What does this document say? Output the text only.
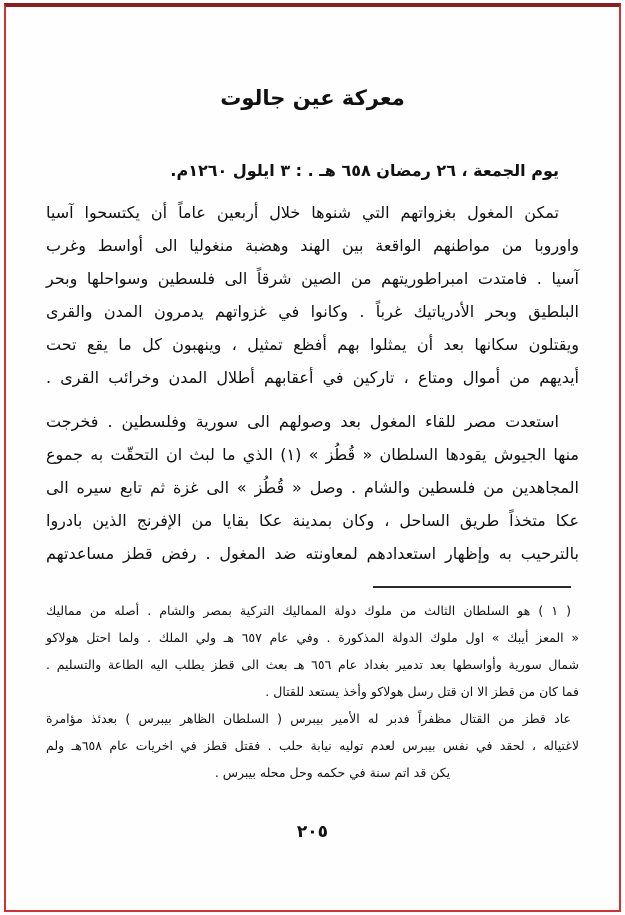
معركة عين جالوت
يوم الجمعة ، ٢٦ رمضان ٦٥٨ هـ . : ٣ ايلول ١٢٦٠م.
تمكن المغول بغزواتهم التي شنوها خلال أربعين عاماً أن يكتسحوا آسيا
واوروبا من مواطنهم الواقعة بين الهند وهضبة منغوليا الى أواسط وغرب
آسيا . فامتدت امبراطوريتهم من الصين شرقاً الى فلسطين وسواحلها وبحر
البلطيق وبحر الأدرياتيك غرباً . وكانوا في غزواتهم يدمرون المدن والقرى
ويقتلون سكانها بعد أن يمثلوا بهم أفظع تمثيل ، وينهبون كل ما يقع تحت
أيديهم من أموال ومتاع ، تاركين في أعقابهم أطلال المدن وخرائب القرى .
استعدت مصر للقاء المغول بعد وصولهم الى سورية وفلسطين . فخرجت
منها الجيوش يقودها السلطان « قُطُز » (١) الذي ما لبث ان التحقّت به جموع
المجاهدين من فلسطين والشام . وصل « قُطُز » الى غزة ثم تابع سيره الى
عكا متخذاً طريق الساحل ، وكان بمدينة عكا بقايا من الإفرنج الذين بادروا
بالترحيب به وإظهار استعدادهم لمعاونته ضد المغول . رفض قطز مساعدتهم
( ١ ) هو السلطان الثالث من ملوك دولة المماليك التركية بمصر والشام . أصله من مماليك
« المعز أيبك » اول ملوك الدولة المذكورة . وفي عام ٦٥٧ هـ ولي الملك . ولما احتل هولاكو
شمال سورية وأواسطها بعد تدمير بغداد عام ٦٥٦ هـ بعث الى قطز يطلب اليه الطاعة والتسليم .
فما كان من قطز الا ان قتل رسل هولاكو وأخذ يستعد للقتال .
عاد قطز من القتال مظفراً فدبر له الأمير بيبرس ( السلطان الظاهر بيبرس ) بعدئذ مؤامرة
لاغتياله ، لحقد في نفس بيبرس لعدم توليه نيابة حلب . فقتل قطز في اخريات عام ٦٥٨هـ ولم
يكن قد اتم سنة في حكمه وحل محله بيبرس .
٢٠٥
